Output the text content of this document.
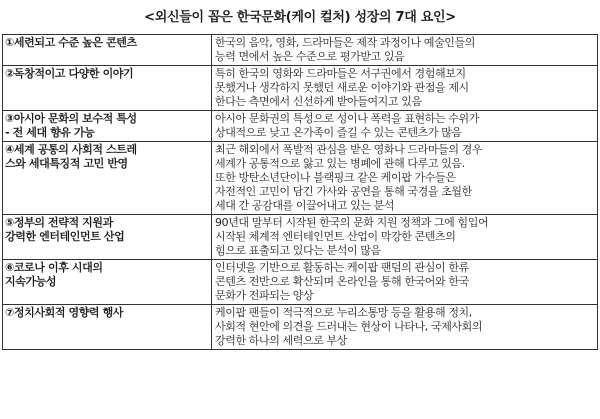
<외신들이 꼽은 한국문화(케이 컬처) 성장의 7대 요인>
①세련되고 수준 높은 콘텐츠	한국의 음악, 영화, 드라마들은 제작 과정이나 예술인들의
능력 면에서 높은 수준으로 평가받고 있음

②독창적이고 다양한 이야기	특히 한국의 영화와 드라마들은 서구권에서 경험해보지
못했거나 생각하지 못했던 새로운 이야기와 관점을 제시
한다는 측면에서 신선하게 받아들여지고 있음

③아시아 문화의 보수적 특성
- 전 세대 향유 가능	아시아 문화권의 특성으로 성이나 폭력을 표현하는 수위가
상대적으로 낮고 온가족이 즐길 수 있는 콘텐츠가 많음

④세계 공통의 사회적 스트레
스와 세대특징적 고민 반영	최근 해외에서 폭발적 관심을 받은 영화나 드라마들의 경우
세계가 공통적으로 앓고 있는 병폐에 관해 다루고 있음.
또한 방탄소년단이나 블랙핑크 같은 케이팝 가수들은
자전적인 고민이 담긴 가사와 공연을 통해 국경을 초월한
세대 간 공감대를 이끌어내고 있는 분석

⑤정부의 전략적 지원과
강력한 엔터테인먼트 산업	90년대 말부터 시작된 한국의 문화 지원 정책과 그에 힘입어
시작된 체계적 엔터테인먼트 산업이 막강한 콘텐츠의
힘으로 표출되고 있다는 분석이 많음

⑥코로나 이후 시대의
지속가능성	인터넷을 기반으로 활동하는 케이팝 팬덤의 관심이 한류
콘텐츠 전반으로 확산되며 온라인을 통해 한국어와 한국
문화가 전파되는 양상

⑦정치사회적 영향력 행사	케이팝 팬들이 적극적으로 누리소통망 등을 활용해 정치,
사회적 현안에 의견을 드러내는 현상이 나타나, 국제사회의
강력한 하나의 세력으로 부상
